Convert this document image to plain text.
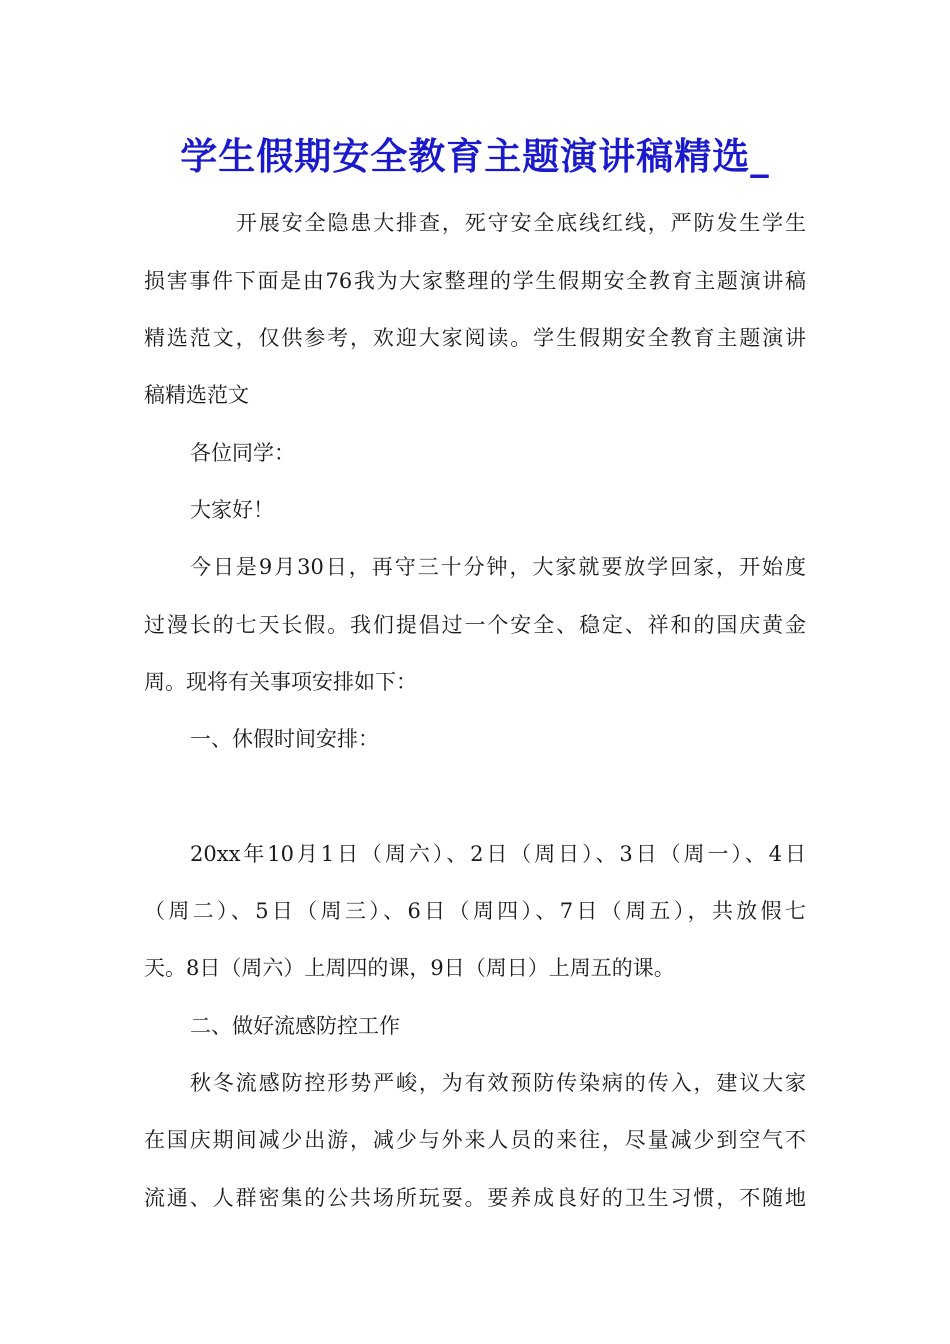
学生假期安全教育主题演讲稿精选_
开展安全隐患大排查，死守安全底线红线，严防发生学生
损害事件下面是由76我为大家整理的学生假期安全教育主题演讲稿
精选范文，仅供参考，欢迎大家阅读。学生假期安全教育主题演讲
稿精选范文
各位同学：
大家好！
今日是9月30日，再守三十分钟，大家就要放学回家，开始度
过漫长的七天长假。我们提倡过一个安全、稳定、祥和的国庆黄金
周。现将有关事项安排如下：
一、休假时间安排：
20xx年10月1日（周六）、2日（周日）、3日（周一）、4日
（周二）、5日（周三）、6日（周四）、7日（周五），共放假七
天。8日（周六）上周四的课，9日（周日）上周五的课。
二、做好流感防控工作
秋冬流感防控形势严峻，为有效预防传染病的传入，建议大家
在国庆期间减少出游，减少与外来人员的来往，尽量减少到空气不
流通、人群密集的公共场所玩耍。要养成良好的卫生习惯，不随地
